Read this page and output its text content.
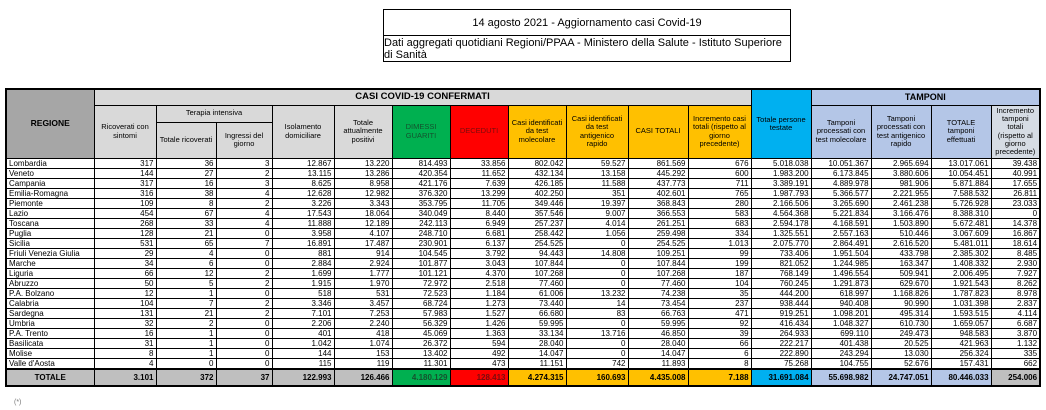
14 agosto 2021 - Aggiornamento casi Covid-19
Dati aggregati quotidiani Regioni/PPAA - Ministero della Salute - Istituto Superiore di Sanità
REGIONE	CASI COVID-19 CONFERMATI											Totale persone testate	TAMPONI			
	Ricoverati con sintomi	Terapia intensiva		Isolamento domiciliare	Totale attualmente positivi	DIMESSI GUARITI	DECEDUTI	Casi identificati da test molecolare	Casi identificati da test antigenico rapido	CASI TOTALI	Incremento casi totali (rispetto al giorno precedente)		Tamponi processati con test molecolare	Tamponi processati con test antigenico rapido	TOTALE tamponi effettuati	Incremento tamponi totali (rispetto al giorno precedente)
		Totale ricoverati	Ingressi del giorno													
Lombardia	317	36	3	12.867	13.220	814.493	33.856	802.042	59.527	861.569	676	5.018.038	10.051.367	2.965.694	13.017.061	39.438
Veneto	144	27	2	13.115	13.286	420.354	11.652	432.134	13.158	445.292	600	1.983.200	6.173.845	3.880.606	10.054.451	40.991
Campania	317	16	3	8.625	8.958	421.176	7.639	426.185	11.588	437.773	711	3.389.191	4.889.978	981.906	5.871.884	17.655
Emilia-Romagna	316	38	4	12.628	12.982	376.320	13.299	402.250	351	402.601	765	1.987.793	5.366.577	2.221.955	7.588.532	26.811
Piemonte	109	8	2	3.226	3.343	353.795	11.705	349.446	19.397	368.843	280	2.166.506	3.265.690	2.461.238	5.726.928	23.033
Lazio	454	67	4	17.543	18.064	340.049	8.440	357.546	9.007	366.553	583	4.564.368	5.221.834	3.166.476	8.388.310	0
Toscana	268	33	4	11.888	12.189	242.113	6.949	257.237	4.014	261.251	683	2.594.178	4.168.591	1.503.890	5.672.481	14.378
Puglia	128	21	0	3.958	4.107	248.710	6.681	258.442	1.056	259.498	334	1.325.551	2.557.163	510.446	3.067.609	16.867
Sicilia	531	65	7	16.891	17.487	230.901	6.137	254.525	0	254.525	1.013	2.075.770	2.864.491	2.616.520	5.481.011	18.614
Friuli Venezia Giulia	29	4	0	881	914	104.545	3.792	94.443	14.808	109.251	99	733.406	1.951.504	433.798	2.385.302	8.485
Marche	34	6	0	2.884	2.924	101.877	3.043	107.844	0	107.844	199	821.052	1.244.985	163.347	1.408.332	2.930
Liguria	66	12	2	1.699	1.777	101.121	4.370	107.268	0	107.268	187	768.149	1.496.554	509.941	2.006.495	7.927
Abruzzo	50	5	2	1.915	1.970	72.972	2.518	77.460	0	77.460	104	760.245	1.291.873	629.670	1.921.543	8.262
P.A. Bolzano	12	1	0	518	531	72.523	1.184	61.006	13.232	74.238	35	444.200	618.997	1.168.826	1.787.823	8.978
Calabria	104	7	2	3.346	3.457	68.724	1.273	73.440	14	73.454	237	938.444	940.408	90.990	1.031.398	2.837
Sardegna	131	21	2	7.101	7.253	57.983	1.527	66.680	83	66.763	471	919.251	1.098.201	495.314	1.593.515	4.114
Umbria	32	2	0	2.206	2.240	56.329	1.426	59.995	0	59.995	92	416.434	1.048.327	610.730	1.659.057	6.687
P.A. Trento	16	1	0	401	418	45.069	1.363	33.134	13.716	46.850	39	264.933	699.110	249.473	948.583	3.870
Basilicata	31	1	0	1.042	1.074	26.372	594	28.040	0	28.040	66	222.217	401.438	20.525	421.963	1.132
Molise	8	1	0	144	153	13.402	492	14.047	0	14.047	6	222.890	243.294	13.030	256.324	335
Valle d'Aosta	4	0	0	115	119	11.301	473	11.151	742	11.893	8	75.268	104.755	52.676	157.431	662
TOTALE	3.101	372	37	122.993	126.466	4.180.129	128.413	4.274.315	160.693	4.435.008	7.188	31.691.084	55.698.982	24.747.051	80.446.033	254.006
(*)
